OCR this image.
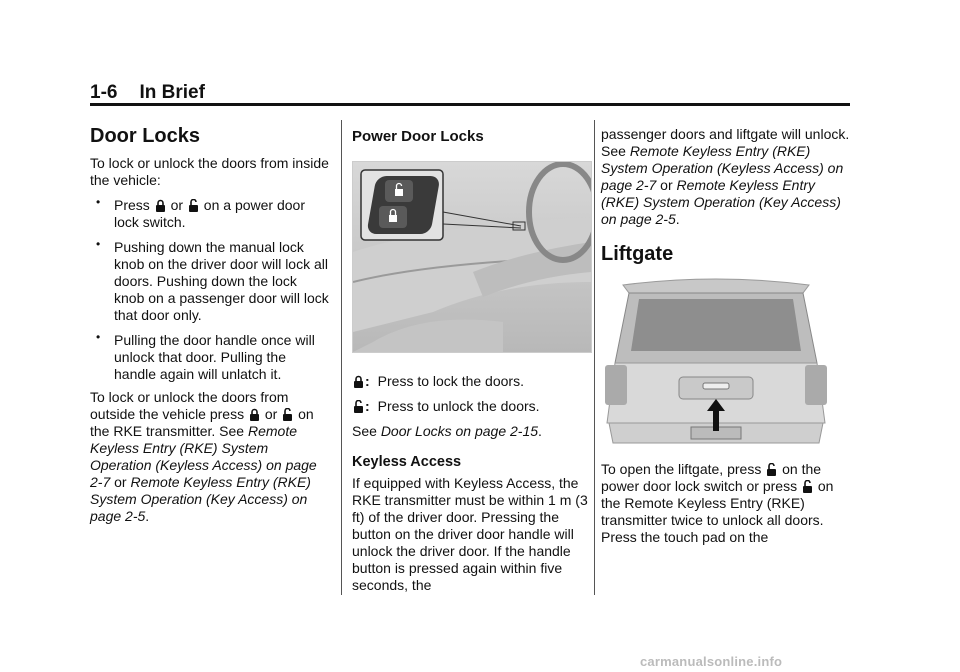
1-6 In Brief
Door Locks

To lock or unlock the doors from inside the vehicle:

• Press  or  on a power door lock switch.
• Pushing down the manual lock knob on the driver door will lock all doors. Pushing down the lock knob on a passenger door will lock that door only.
• Pulling the door handle once will unlock that door. Pulling the handle again will unlatch it.

To lock or unlock the doors from outside the vehicle press  or  on the RKE transmitter. See Remote Keyless Entry (RKE) System Operation (Keyless Access) on page 2-7 or Remote Keyless Entry (RKE) System Operation (Key Access) on page 2-5.

Power Door Locks
: Press to lock the doors.
: Press to unlock the doors.

See Door Locks on page 2-15.

Keyless Access

If equipped with Keyless Access, the RKE transmitter must be within 1 m (3 ft) of the driver door. Pressing the button on the driver door handle will unlock the driver door. If the handle button is pressed again within five seconds, the

passenger doors and liftgate will unlock. See Remote Keyless Entry (RKE) System Operation (Keyless Access) on page 2-7 or Remote Keyless Entry (RKE) System Operation (Key Access) on page 2-5.

Liftgate

To open the liftgate, press  on the power door lock switch or press  on the Remote Keyless Entry (RKE) transmitter twice to unlock all doors. Press the touch pad on the

carmanualsonline.info
